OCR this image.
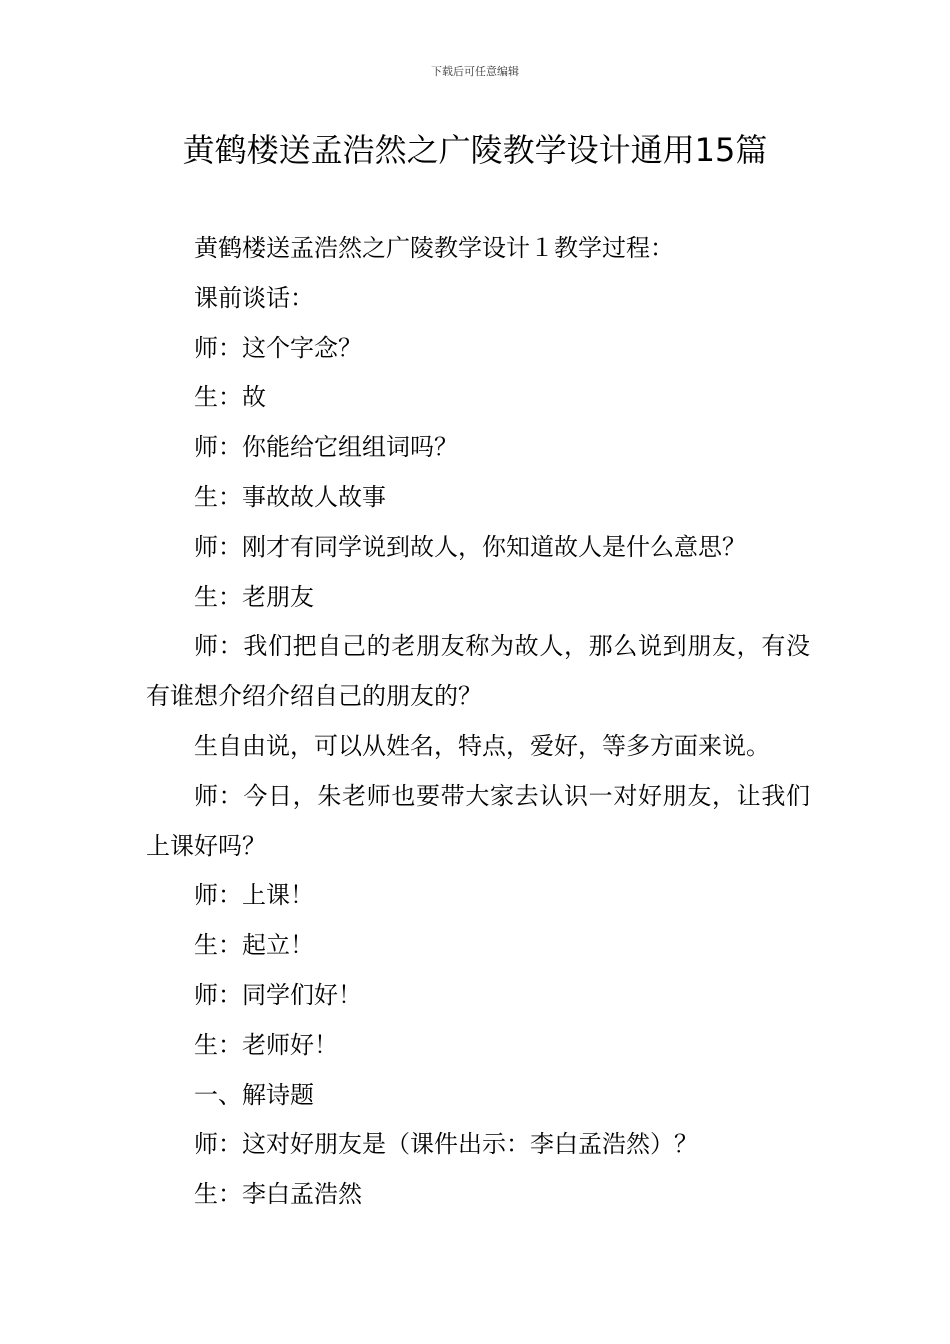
下载后可任意编辑
黄鹤楼送孟浩然之广陵教学设计通用15篇

黄鹤楼送孟浩然之广陵教学设计１教学过程：

课前谈话：

师：这个字念？

生：故

师：你能给它组组词吗？

生：事故故人故事

师：刚才有同学说到故人，你知道故人是什么意思？

生：老朋友

师：我们把自己的老朋友称为故人，那么说到朋友，有没有谁想介绍介绍自己的朋友的？

生自由说，可以从姓名，特点，爱好，等多方面来说。

师：今日，朱老师也要带大家去认识一对好朋友，让我们上课好吗？

师：上课！

生：起立！

师：同学们好！

生：老师好！

一、解诗题

师：这对好朋友是（课件出示：李白孟浩然）？

生：李白孟浩然
